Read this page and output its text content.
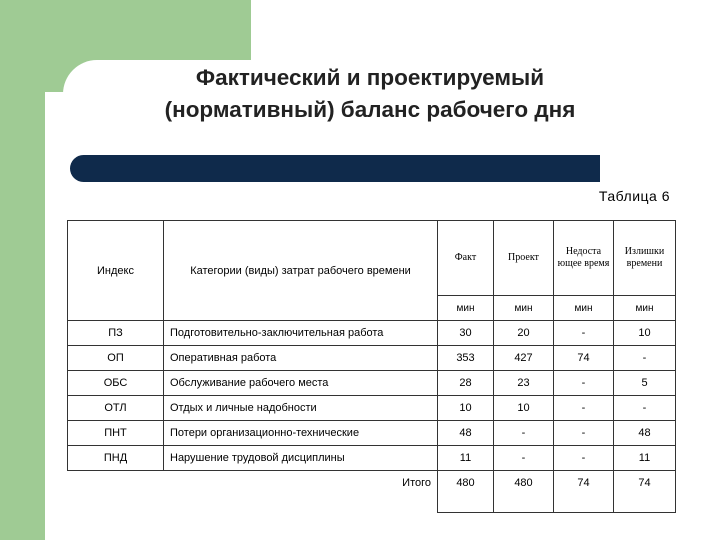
Фактический и проектируемый
(нормативный) баланс рабочего дня
Таблица 6
Индекс	Категории (виды) затрат рабочего времени	Факт	Проект	Недоста ющее время	Излишки времени
		мин	мин	мин	мин
ПЗ	Подготовительно-заключительная работа	30	20	-	10
ОП	Оперативная работа	353	427	74	-
ОБС	Обслуживание рабочего места	28	23	-	5
ОТЛ	Отдых и личные надобности	10	10	-	-
ПНТ	Потери организационно-технические	48	-	-	48
ПНД	Нарушение трудовой дисциплины	11	-	-	11
	Итого	480	480	74	74
